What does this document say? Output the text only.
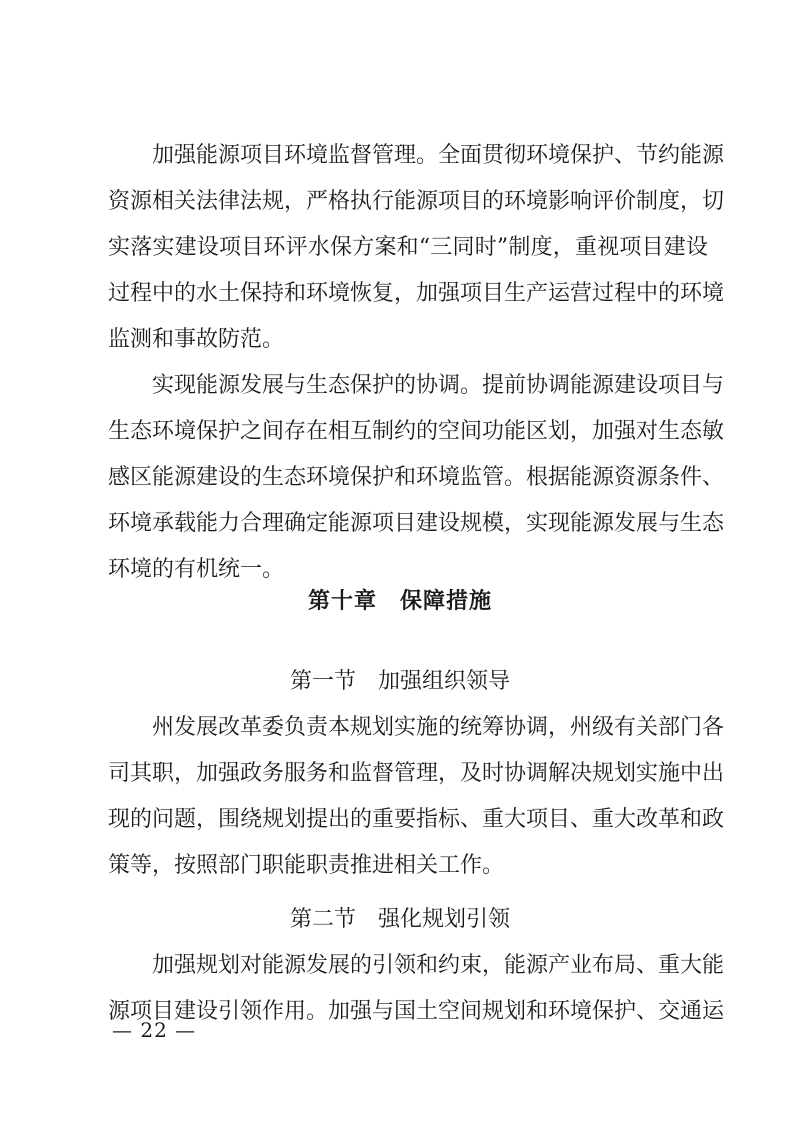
加强能源项目环境监督管理。全面贯彻环境保护、节约能源
资源相关法律法规，严格执行能源项目的环境影响评价制度，切
实落实建设项目环评水保方案和“三同时”制度，重视项目建设
过程中的水土保持和环境恢复，加强项目生产运营过程中的环境
监测和事故防范。
实现能源发展与生态保护的协调。提前协调能源建设项目与
生态环境保护之间存在相互制约的空间功能区划，加强对生态敏
感区能源建设的生态环境保护和环境监管。根据能源资源条件、
环境承载能力合理确定能源项目建设规模，实现能源发展与生态
环境的有机统一。
第十章　保障措施
第一节　加强组织领导
州发展改革委负责本规划实施的统筹协调，州级有关部门各
司其职，加强政务服务和监督管理，及时协调解决规划实施中出
现的问题，围绕规划提出的重要指标、重大项目、重大改革和政
策等，按照部门职能职责推进相关工作。
第二节　强化规划引领
加强规划对能源发展的引领和约束，能源产业布局、重大能
源项目建设引领作用。加强与国土空间规划和环境保护、交通运
— 22 —
